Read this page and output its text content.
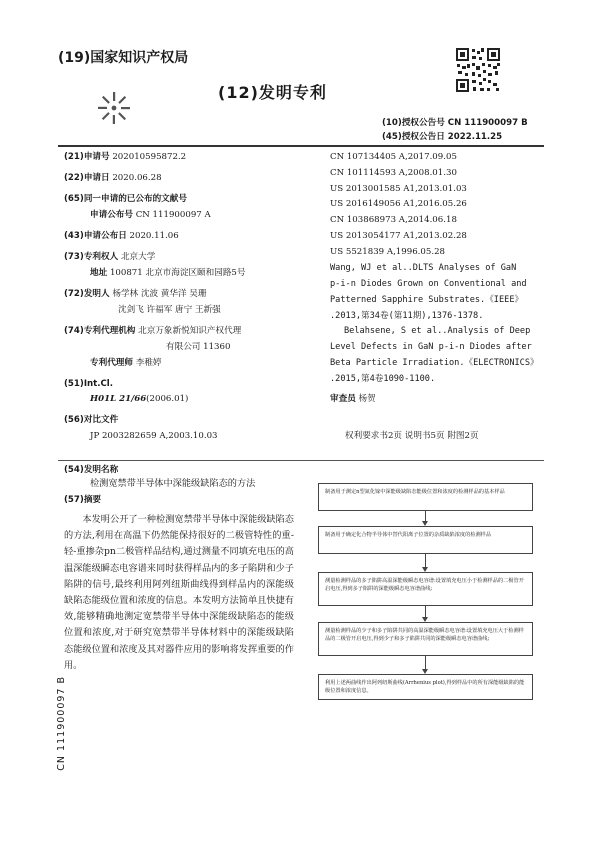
(19)国家知识产权局
(12)发明专利
(10)授权公告号 CN 111900097 B
(45)授权公告日 2022.11.25
(21)申请号 202010595872.2
(22)申请日 2020.06.28
(65)同一申请的已公布的文献号
申请公布号 CN 111900097 A
(43)申请公布日 2020.11.06
(73)专利权人 北京大学
地址 100871 北京市海淀区颐和园路5号
(72)发明人 杨学林 沈波 黄华洋 吴珊
沈剑飞 许福军 唐宁 王新强
(74)专利代理机构 北京万象新悦知识产权代理
有限公司 11360
专利代理师 李稚婷
(51)Int.Cl.
H01L 21/66(2006.01)
(56)对比文件
JP 2003282659 A,2003.10.03
CN 107134405 A,2017.09.05
CN 101114593 A,2008.01.30
US 2013001585 A1,2013.01.03
US 2016149056 A1,2016.05.26
CN 103868973 A,2014.06.18
US 2013054177 A1,2013.02.28
US 5521839 A,1996.05.28
Wang, WJ et al..DLTS Analyses of GaN
p-i-n Diodes Grown on Conventional and
Patterned Sapphire Substrates.《IEEE》
.2013,第34卷(第11期),1376-1378.
Belahsene, S et al..Analysis of Deep
Level Defects in GaN p-i-n Diodes after
Beta Particle Irradiation.《ELECTRONICS》
.2015,第4卷1090-1100.
审查员 杨贺
权利要求书2页 说明书5页 附图2页
(54)发明名称
检测宽禁带半导体中深能级缺陷态的方法
(57)摘要
本发明公开了一种检测宽禁带半导体中深能级缺陷态的方法,利用在高温下仍然能保持很好的二极管特性的重-轻-重掺杂pn二极管样品结构,通过测量不同填充电压的高温深能级瞬态电容谱来同时获得样品内的多子陷阱和少子陷阱的信号,最终利用阿列纽斯曲线得到样品内的深能级缺陷态能级位置和浓度的信息。本发明方法简单且快捷有效,能够精确地测定宽禁带半导体中深能级缺陷态的能级位置和浓度,对于研究宽禁带半导体材料中的深能级缺陷态能级位置和浓度及其对器件应用的影响将发挥重要的作用。
制备用于测定n型氮化镓中深能级缺陷态能级位置和浓度的检测样品的基本样品
制备用于确定化合物半导体中替代阳离子位置的杂质缺陷浓度的检测样品
测量检测样品的多子陷阱高温深能级瞬态电容谱:设置填充电压小于检测样品的二极管开启电压,得到多子陷阱的深能级瞬态电容谱曲线;
测量检测样品的少子和多子陷阱共同的高温深能级瞬态电容谱:设置填充电压大于检测样品的二极管开启电压,得到少子和多子陷阱共同的深能级瞬态电容谱曲线;
利用上述两曲线作出阿列纽斯曲线(Arrhenius plot),得到样品中的所有深能级缺陷的能级位置和浓度信息。
CN 111900097 B
